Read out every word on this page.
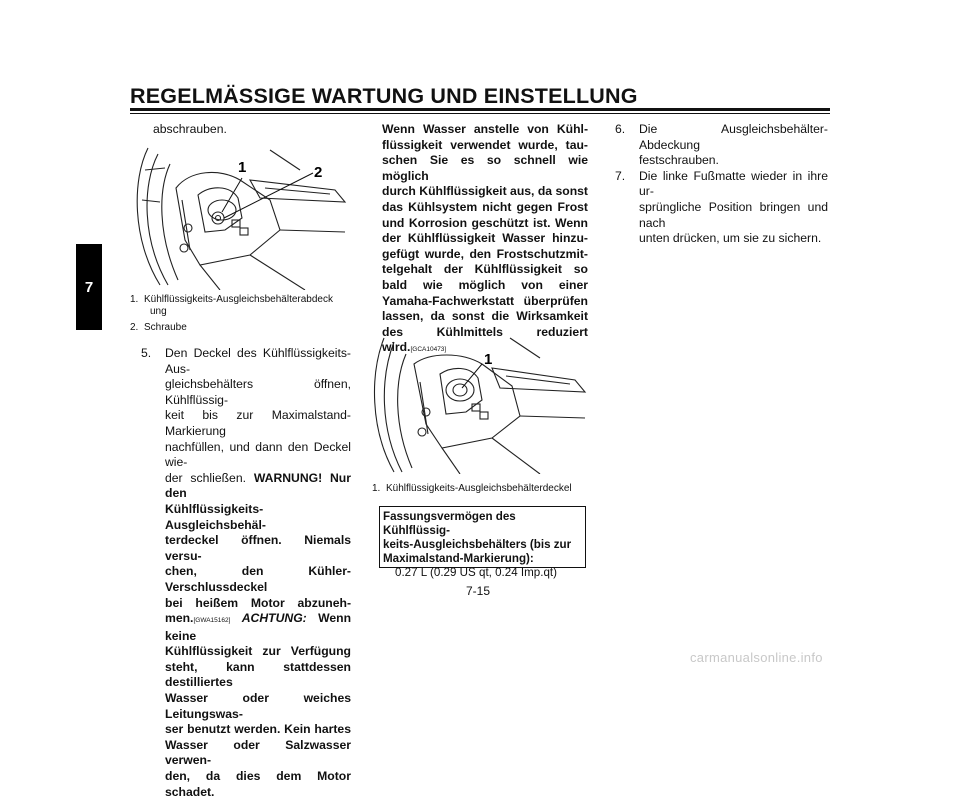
REGELMÄSSIGE WARTUNG UND EINSTELLUNG
7
abschrauben.
1	2
1. Kühlflüssigkeits-Ausgleichsbehälterabdeck
ung
2. Schraube
5.	Den Deckel des Kühlflüssigkeits-Aus-
gleichsbehälters öffnen, Kühlflüssig-
keit bis zur Maximalstand-Markierung
nachfüllen, und dann den Deckel wie-
der schließen. WARNUNG! Nur den
Kühlflüssigkeits-Ausgleichsbehäl-
terdeckel öffnen. Niemals versu-
chen, den Kühler-Verschlussdeckel
bei heißem Motor abzuneh-
men.[GWA15162] ACHTUNG: Wenn keine
Kühlflüssigkeit zur Verfügung
steht, kann stattdessen destilliertes
Wasser oder weiches Leitungswas-
ser benutzt werden. Kein hartes
Wasser oder Salzwasser verwen-
den, da dies dem Motor schadet.
Wenn Wasser anstelle von Kühl-
flüssigkeit verwendet wurde, tau-
schen Sie es so schnell wie möglich
durch Kühlflüssigkeit aus, da sonst
das Kühlsystem nicht gegen Frost
und Korrosion geschützt ist. Wenn
der Kühlflüssigkeit Wasser hinzu-
gefügt wurde, den Frostschutzmit-
telgehalt der Kühlflüssigkeit so
bald wie möglich von einer
Yamaha-Fachwerkstatt überprüfen
lassen, da sonst die Wirksamkeit
des Kühlmittels reduziert
wird.[GCA10473]
1
1. Kühlflüssigkeits-Ausgleichsbehälterdeckel
Fassungsvermögen des Kühlflüssig-
keits-Ausgleichsbehälters (bis zur
Maximalstand-Markierung):
0.27 L (0.29 US qt, 0.24 Imp.qt)
6.	Die Ausgleichsbehälter-Abdeckung
festschrauben.
7.	Die linke Fußmatte wieder in ihre ur-
sprüngliche Position bringen und nach
unten drücken, um sie zu sichern.
7-15
carmanualsonline.info
